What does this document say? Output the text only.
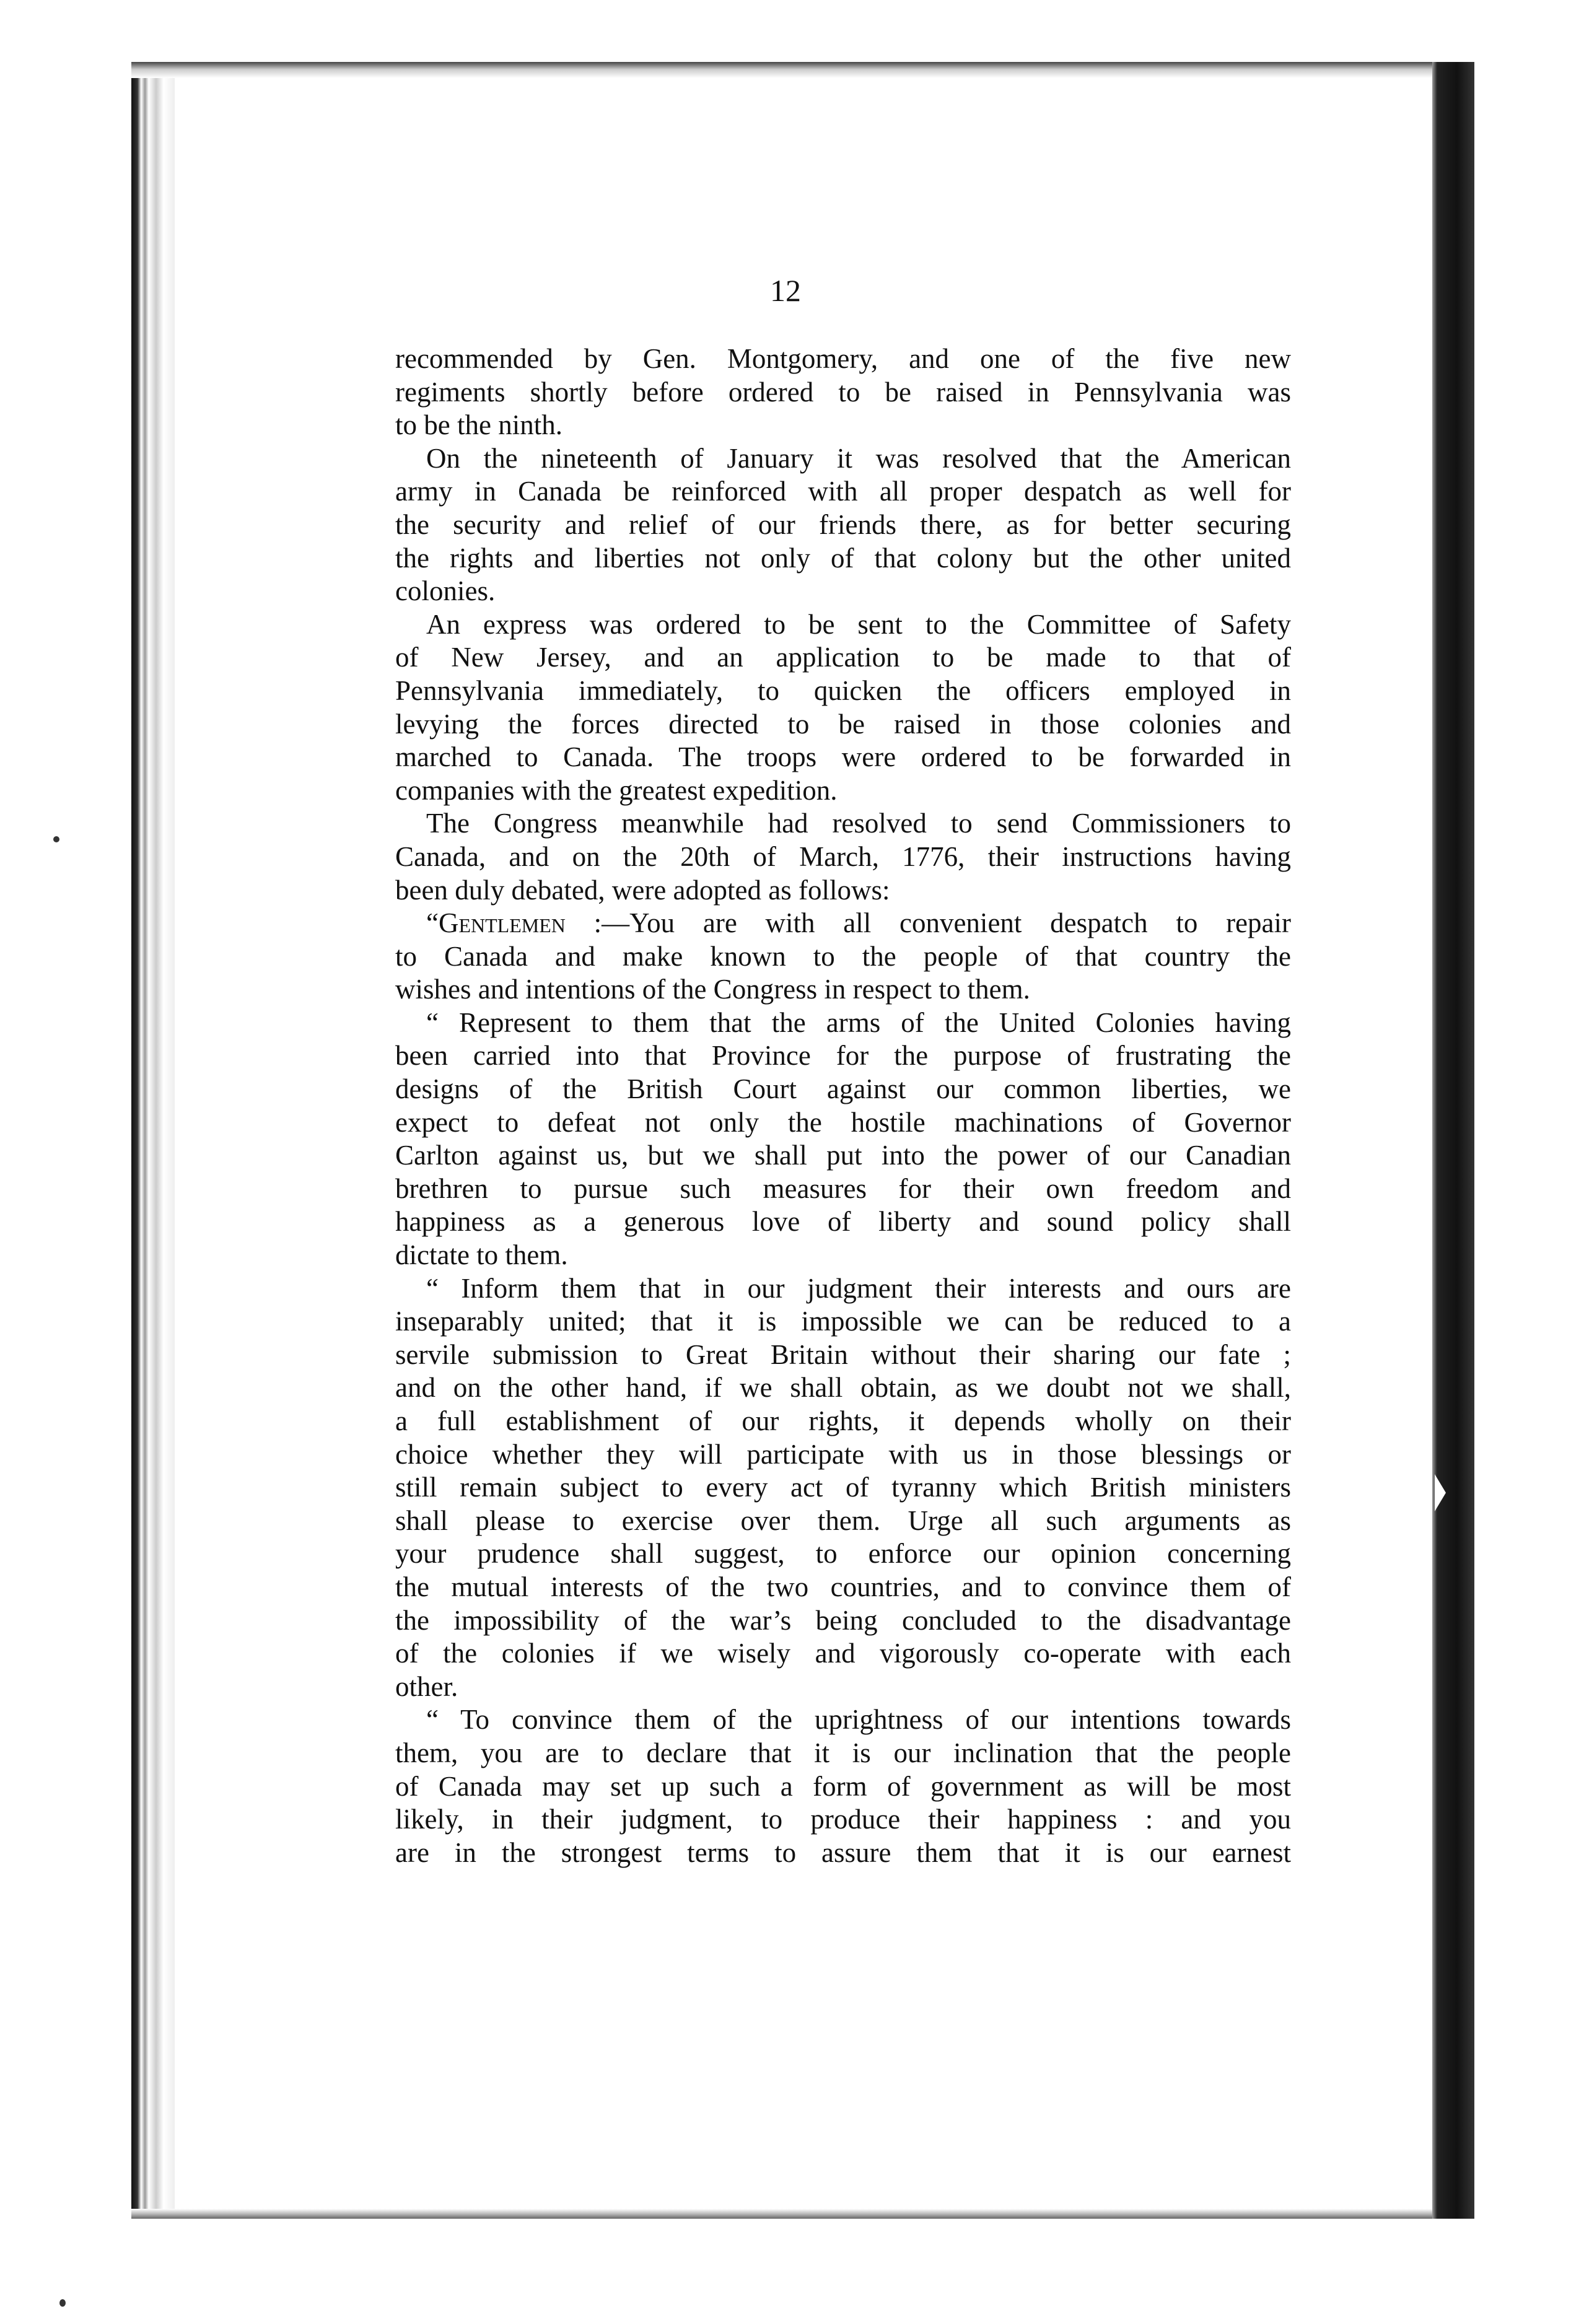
12
recommended by Gen. Montgomery, and one of the five new
regiments shortly before ordered to be raised in Pennsylvania was
to be the ninth.
On the nineteenth of January it was resolved that the American
army in Canada be reinforced with all proper despatch as well for
the security and relief of our friends there, as for better securing
the rights and liberties not only of that colony but the other united
colonies.
An express was ordered to be sent to the Committee of Safety
of New Jersey, and an application to be made to that of
Pennsylvania immediately, to quicken the officers employed in
levying the forces directed to be raised in those colonies and
marched to Canada. The troops were ordered to be forwarded in
companies with the greatest expedition.
The Congress meanwhile had resolved to send Commissioners to
Canada, and on the 20th of March, 1776, their instructions having
been duly debated, were adopted as follows:
“Gentlemen :—You are with all convenient despatch to repair
to Canada and make known to the people of that country the
wishes and intentions of the Congress in respect to them.
“ Represent to them that the arms of the United Colonies having
been carried into that Province for the purpose of frustrating the
designs of the British Court against our common liberties, we
expect to defeat not only the hostile machinations of Governor
Carlton against us, but we shall put into the power of our Canadian
brethren to pursue such measures for their own freedom and
happiness as a generous love of liberty and sound policy shall
dictate to them.
“ Inform them that in our judgment their interests and ours are
inseparably united; that it is impossible we can be reduced to a
servile submission to Great Britain without their sharing our fate ;
and on the other hand, if we shall obtain, as we doubt not we shall,
a full establishment of our rights, it depends wholly on their
choice whether they will participate with us in those blessings or
still remain subject to every act of tyranny which British ministers
shall please to exercise over them. Urge all such arguments as
your prudence shall suggest, to enforce our opinion concerning
the mutual interests of the two countries, and to convince them of
the impossibility of the war’s being concluded to the disadvantage
of the colonies if we wisely and vigorously co-operate with each
other.
“ To convince them of the uprightness of our intentions towards
them, you are to declare that it is our inclination that the people
of Canada may set up such a form of government as will be most
likely, in their judgment, to produce their happiness : and you
are in the strongest terms to assure them that it is our earnest
